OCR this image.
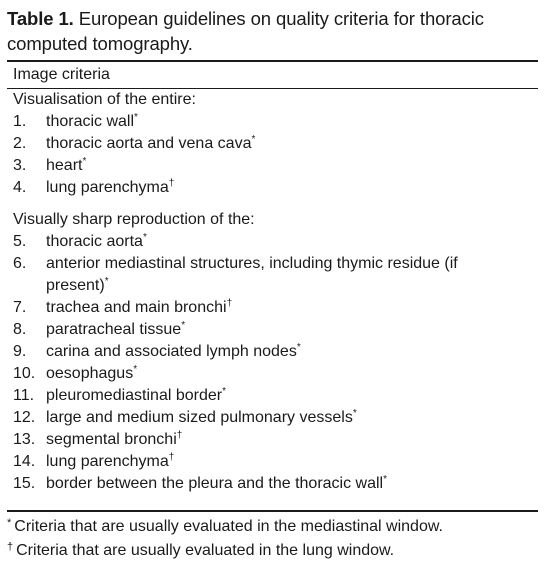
Table 1. European guidelines on quality criteria for thoracic computed tomography.
Image criteria
Visualisation of the entire:
1.	thoracic wall*
2.	thoracic aorta and vena cava*
3.	heart*
4.	lung parenchyma†
Visually sharp reproduction of the:
5.	thoracic aorta*
6.	anterior mediastinal structures, including thymic residue (if
present)*
7.	trachea and main bronchi†
8.	paratracheal tissue*
9.	carina and associated lymph nodes*
10. oesophagus*
11. pleuromediastinal border*
12. large and medium sized pulmonary vessels*
13. segmental bronchi†
14. lung parenchyma†
15. border between the pleura and the thoracic wall*
* Criteria that are usually evaluated in the mediastinal window.
† Criteria that are usually evaluated in the lung window.
